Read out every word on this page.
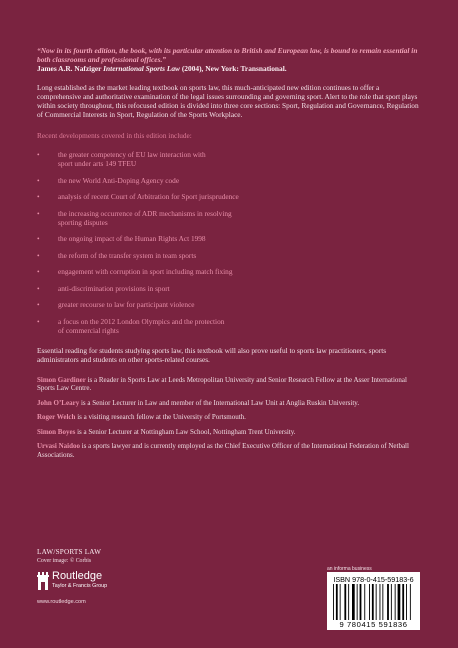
“Now in its fourth edition, the book, with its particular attention to British and European law, is bound to remain essential in both classrooms and professional offices.”

James A.R. Nafziger International Sports Law (2004), New York: Transnational.

Long established as the market leading textbook on sports law, this much-anticipated new edition continues to offer a comprehensive and authoritative examination of the legal issues surrounding and governing sport. Alert to the role that sport plays within society throughout, this refocused edition is divided into three core sections: Sport, Regulation and Governance, Regulation of Commercial Interests in Sport, Regulation of the Sports Workplace.

Recent developments covered in this edition include:

•	the greater competency of EU law interaction with
sport under arts 149 TFEU
•	the new World Anti-Doping Agency code
•	analysis of recent Court of Arbitration for Sport jurisprudence
•	the increasing occurrence of ADR mechanisms in resolving
sporting disputes
•	the ongoing impact of the Human Rights Act 1998
•	the reform of the transfer system in team sports
•	engagement with corruption in sport including match fixing
•	anti-discrimination provisions in sport
•	greater recourse to law for participant violence
•	a focus on the 2012 London Olympics and the protection
of commercial rights

Essential reading for students studying sports law, this textbook will also prove useful to sports law practitioners, sports administrators and students on other sports-related courses.

Simon Gardiner is a Reader in Sports Law at Leeds Metropolitan University and Senior Research Fellow at the Asser International Sports Law Centre.

John O’Leary is a Senior Lecturer in Law and member of the International Law Unit at Anglia Ruskin University.

Roger Welch is a visiting research fellow at the University of Portsmouth.

Simon Boyes is a Senior Lecturer at Nottingham Law School, Nottingham Trent University.

Urvasi Naidoo is a sports lawyer and is currently employed as the Chief Executive Officer of the International Federation of Netball Associations.

LAW/SPORTS LAW
Cover image: © Corbis
Routledge
Taylor & Francis Group
www.routledge.com
an informa business
ISBN 978-0-415-59183-6
9 780415 591836
